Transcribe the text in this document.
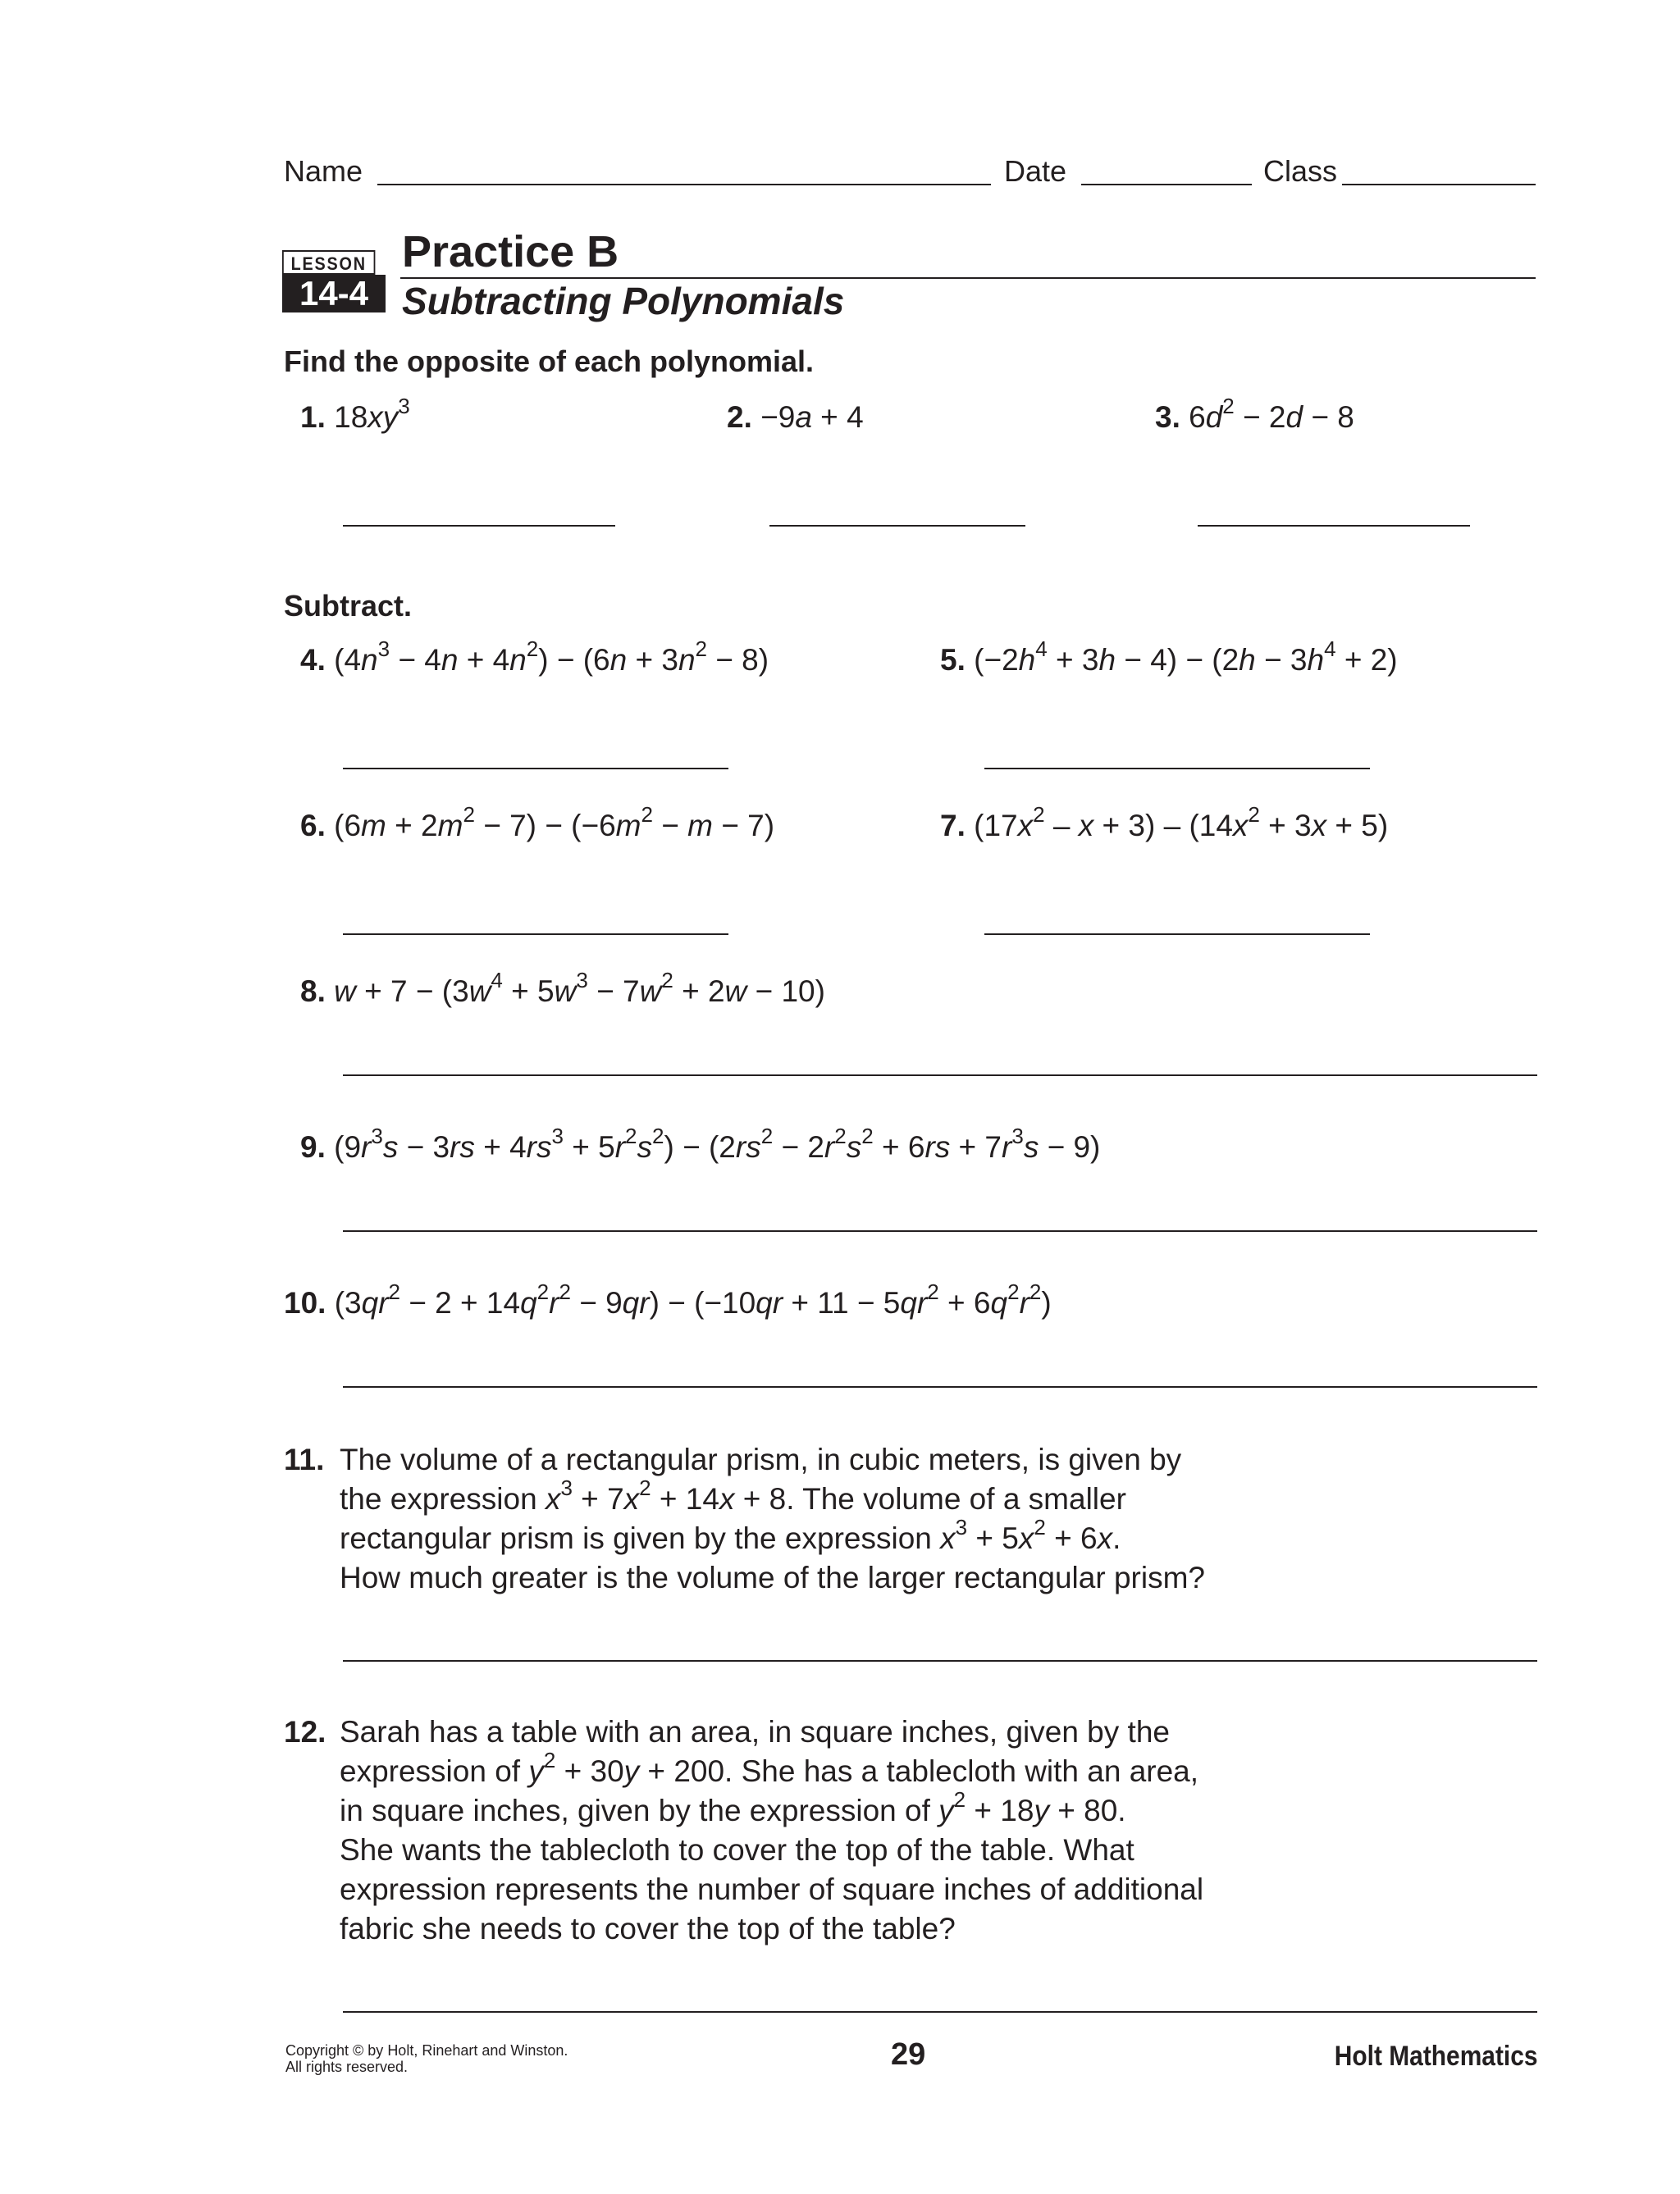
Name	Date	Class
LESSON
14-4
Practice B
Subtracting Polynomials
Find the opposite of each polynomial.
1. $18xy^3$	2. −9a + 4	3. $6d^2 - 2d - 8$
Subtract.
4. $(4n^3 - 4n + 4n^2) - (6n + 3n^2 - 8)$	5. $(-2h^4 + 3h - 4) - (2h - 3h^4 + 2)$
6. $(6m + 2m^2 - 7) - (-6m^2 - m - 7)$	7. $(17x^2 - x + 3) - (14x^2 + 3x + 5)$
8. $w + 7 - (3w^4 + 5w^3 - 7w^2 + 2w - 10)$
9. $(9r^3s - 3rs + 4rs^3 + 5r^2s^2) - (2rs^2 - 2r^2s^2 + 6rs + 7r^3s - 9)$
10. $(3qr^2 - 2 + 14q^2r^2 - 9qr) - (-10qr + 11 - 5qr^2 + 6q^2r^2)$
11. The volume of a rectangular prism, in cubic meters, is given by
the expression $x^3 + 7x^2 + 14x + 8$. The volume of a smaller
rectangular prism is given by the expression $x^3 + 5x^2 + 6x$.
How much greater is the volume of the larger rectangular prism?
12. Sarah has a table with an area, in square inches, given by the
expression of $y^2 + 30y + 200$. She has a tablecloth with an area,
in square inches, given by the expression of $y^2 + 18y + 80$.
She wants the tablecloth to cover the top of the table. What
expression represents the number of square inches of additional
fabric she needs to cover the top of the table?
Copyright © by Holt, Rinehart and Winston.
All rights reserved.	29	Holt Mathematics
